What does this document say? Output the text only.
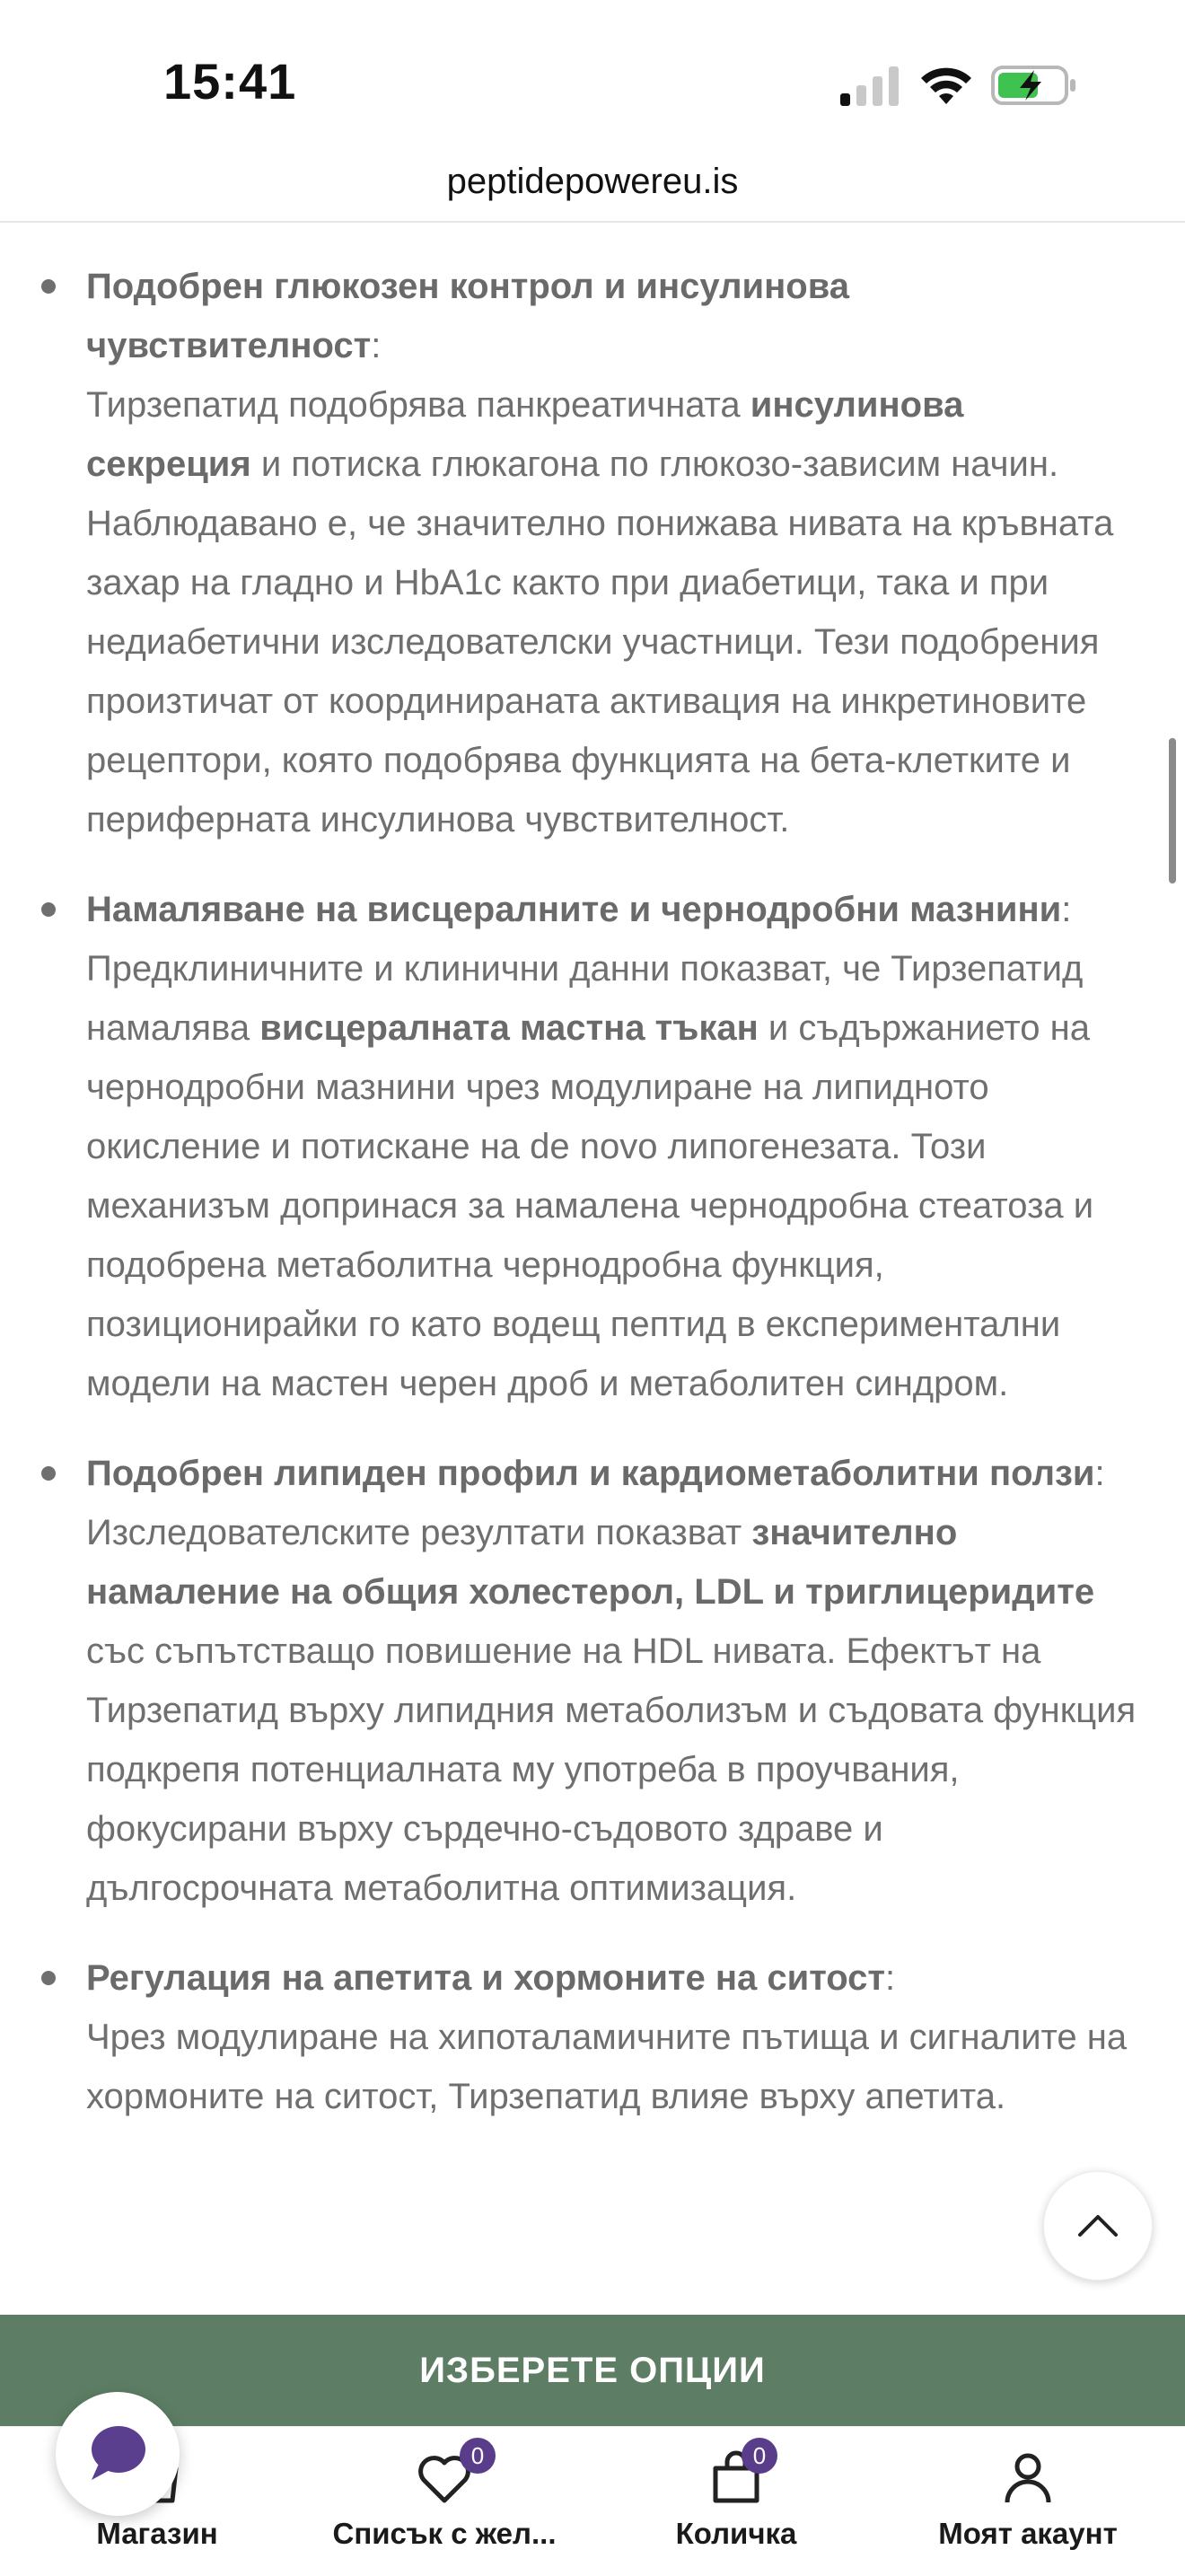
15:41
peptidepowereu.is
Подобрен глюкозен контрол и инсулинова чувствителност:
Тирзепатид подобрява панкреатичната инсулинова секреция и потиска глюкагона по глюкозо-зависим начин. Наблюдавано е, че значително понижава нивата на кръвната захар на гладно и HbA1c както при диабетици, така и при недиабетични изследователски участници. Тези подобрения произтичат от координираната активация на инкретиновите рецептори, която подобрява функцията на бета-клетките и периферната инсулинова чувствителност.
Намаляване на висцералните и чернодробни мазнини: Предклиничните и клинични данни показват, че Тирзепатид намалява висцералната мастна тъкан и съдържанието на чернодробни мазнини чрез модулиране на липидното окисление и потискане на de novo липогенезата. Този механизъм допринася за намалена чернодробна стеатоза и подобрена метаболитна чернодробна функция, позиционирайки го като водещ пептид в експериментални модели на мастен черен дроб и метаболитен синдром.
Подобрен липиден профил и кардиометаболитни ползи:
Изследователските резултати показват значително намаление на общия холестерол, LDL и триглицеридите със съпътстващо повишение на HDL нивата. Ефектът на Тирзепатид върху липидния метаболизъм и съдовата функция подкрепя потенциалната му употреба в проучвания, фокусирани върху сърдечно-съдовото здраве и дългосрочната метаболитна оптимизация.
Регулация на апетита и хормоните на ситост:
Чрез модулиране на хипоталамичните пътища и сигналите на хормоните на ситост, Тирзепатид влияе върху апетита.
ИЗБЕРЕТЕ ОПЦИИ
Магазин
0
Списък с жел...
0
Количка	Моят акаунт
